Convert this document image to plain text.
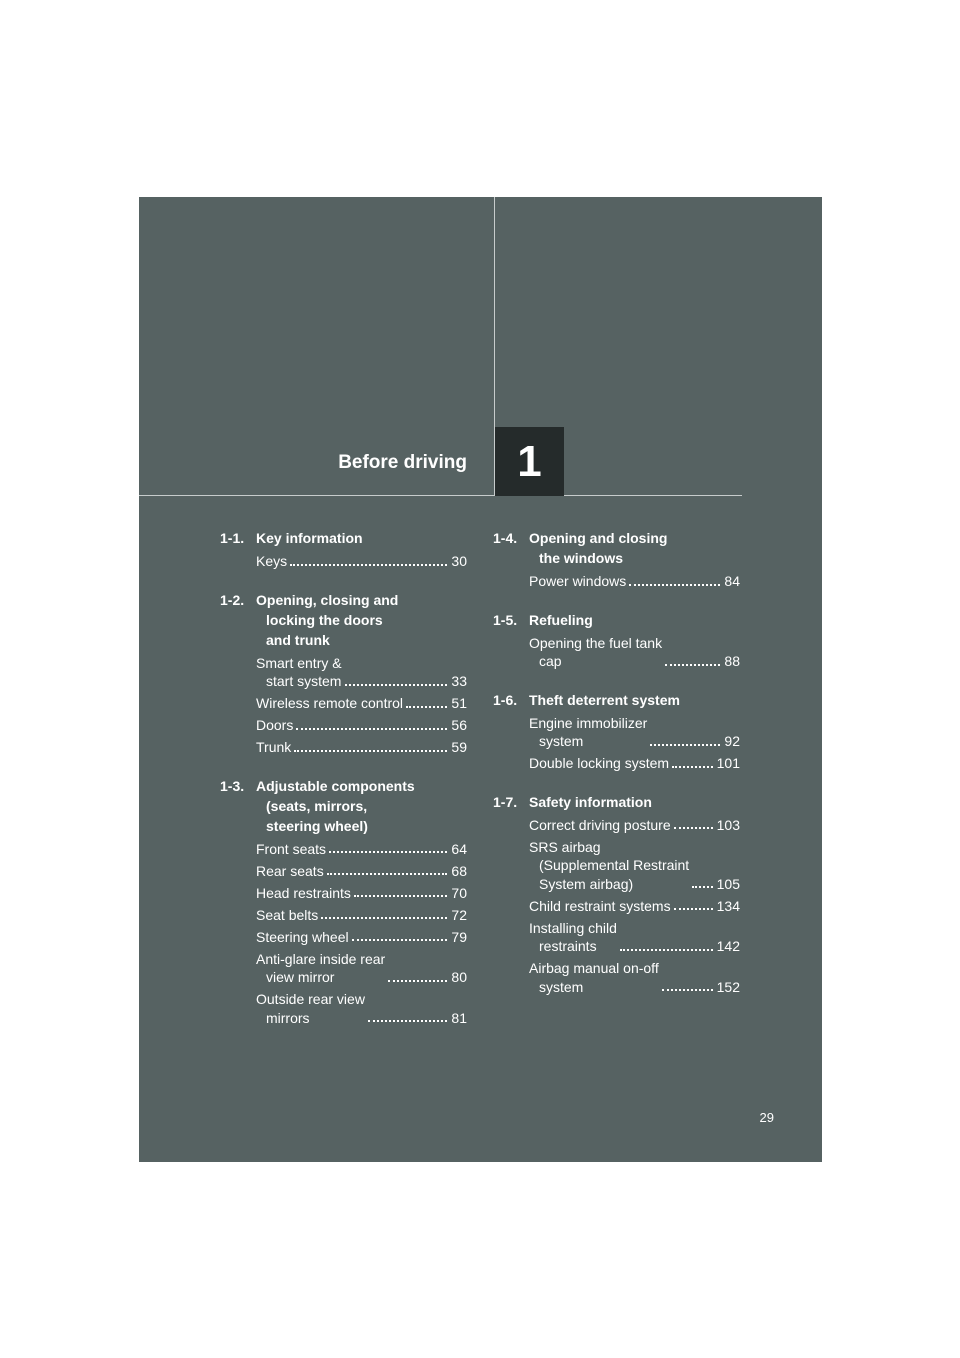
Before driving 1
1-1. Key information
Keys	30
1-2. Opening, closing and
locking the doors
and trunk
Smart entry &
start system	33
Wireless remote control	51
Doors	56
Trunk	59
1-3. Adjustable components
(seats, mirrors,
steering wheel)
Front seats	64
Rear seats	68
Head restraints	70
Seat belts	72
Steering wheel	79
Anti-glare inside rear
view mirror	80
Outside rear view
mirrors	81
1-4. Opening and closing
the windows
Power windows	84
1-5. Refueling
Opening the fuel tank
cap	88
1-6. Theft deterrent system
Engine immobilizer
system	92
Double locking system	101
1-7. Safety information
Correct driving posture	103
SRS airbag
(Supplemental Restraint
System airbag)	105
Child restraint systems	134
Installing child
restraints	142
Airbag manual on-off
system	152
29
